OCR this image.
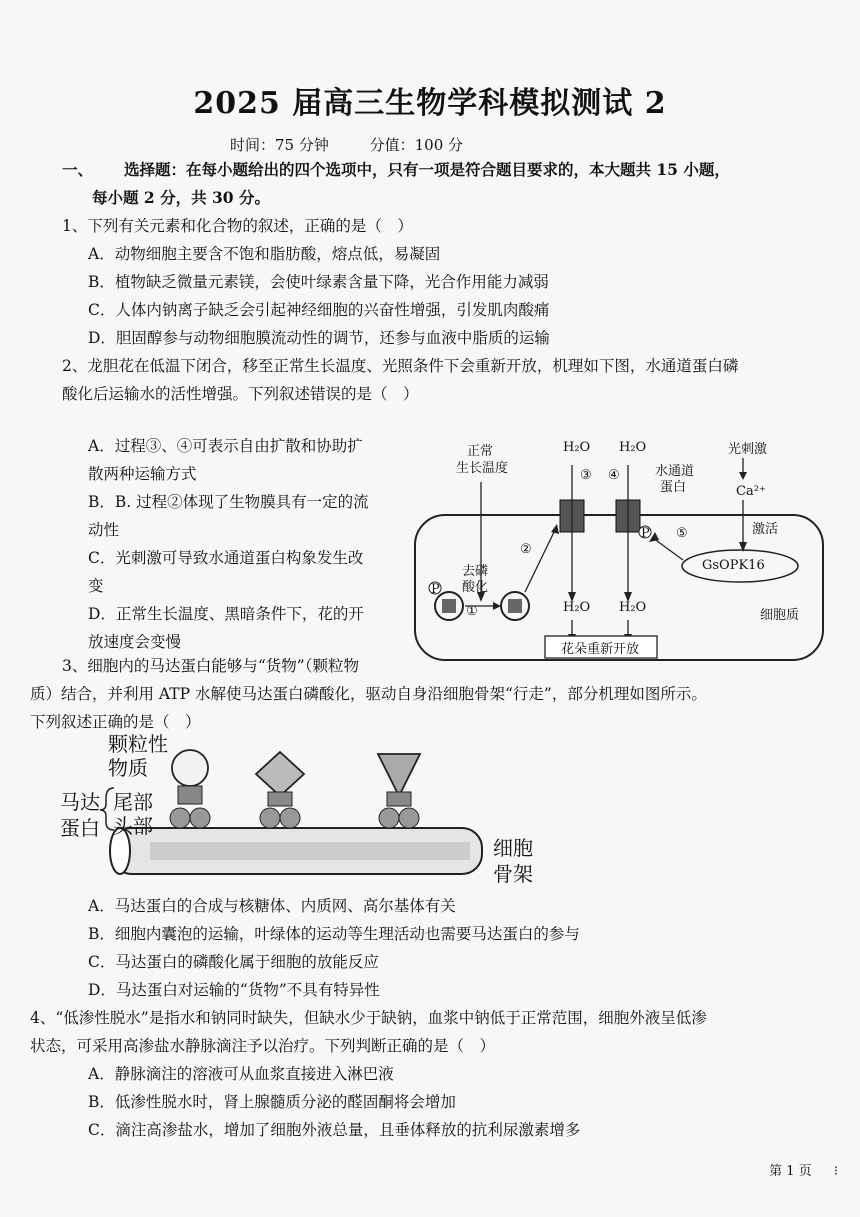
2025 届高三生物学科模拟测试 2
时间：75 分钟	分值：100 分
一、 选择题：在每小题给出的四个选项中，只有一项是符合题目要求的，本大题共 15 小题，
每小题 2 分，共 30 分。
1、下列有关元素和化合物的叙述，正确的是（　）
A．动物细胞主要含不饱和脂肪酸，熔点低，易凝固
B．植物缺乏微量元素镁，会使叶绿素含量下降，光合作用能力减弱
C．人体内钠离子缺乏会引起神经细胞的兴奋性增强，引发肌肉酸痛
D．胆固醇参与动物细胞膜流动性的调节，还参与血液中脂质的运输
2、龙胆花在低温下闭合，移至正常生长温度、光照条件下会重新开放，机理如下图，水通道蛋白磷
酸化后运输水的活性增强。下列叙述错误的是（　）
A．过程③、④可表示自由扩散和协助扩
散两种运输方式
B．B. 过程②体现了生物膜具有一定的流
动性
C．光刺激可导致水通道蛋白构象发生改
变
D．正常生长温度、黑暗条件下，花的开
放速度会变慢
正常
生长温度
H₂O H₂O
③ ④	水通道
蛋白
光刺激
Ca²⁺
激活
GsOPK16
⑤
P
②
去磷
酸化
P
①	H₂O H₂O
细胞质
花朵重新开放
3、细胞内的马达蛋白能够与“货物”（颗粒物
质）结合，并利用 ATP 水解使马达蛋白磷酸化，驱动自身沿细胞骨架“行走”，部分机理如图所示。
下列叙述正确的是（　）
颗粒性
物质
马达
蛋白
尾部
头部
细胞
骨架
A．马达蛋白的合成与核糖体、内质网、高尔基体有关
B．细胞内囊泡的运输，叶绿体的运动等生理活动也需要马达蛋白的参与
C．马达蛋白的磷酸化属于细胞的放能反应
D．马达蛋白对运输的“货物”不具有特异性
4、“低渗性脱水”是指水和钠同时缺失，但缺水少于缺钠，血浆中钠低于正常范围，细胞外液呈低渗
状态，可采用高渗盐水静脉滴注予以治疗。下列判断正确的是（　）
A．静脉滴注的溶液可从血浆直接进入淋巴液
B．低渗性脱水时，肾上腺髓质分泌的醛固酮将会增加
C．滴注高渗盐水，增加了细胞外液总量，且垂体释放的抗利尿激素增多
第 1 页 ⁝
